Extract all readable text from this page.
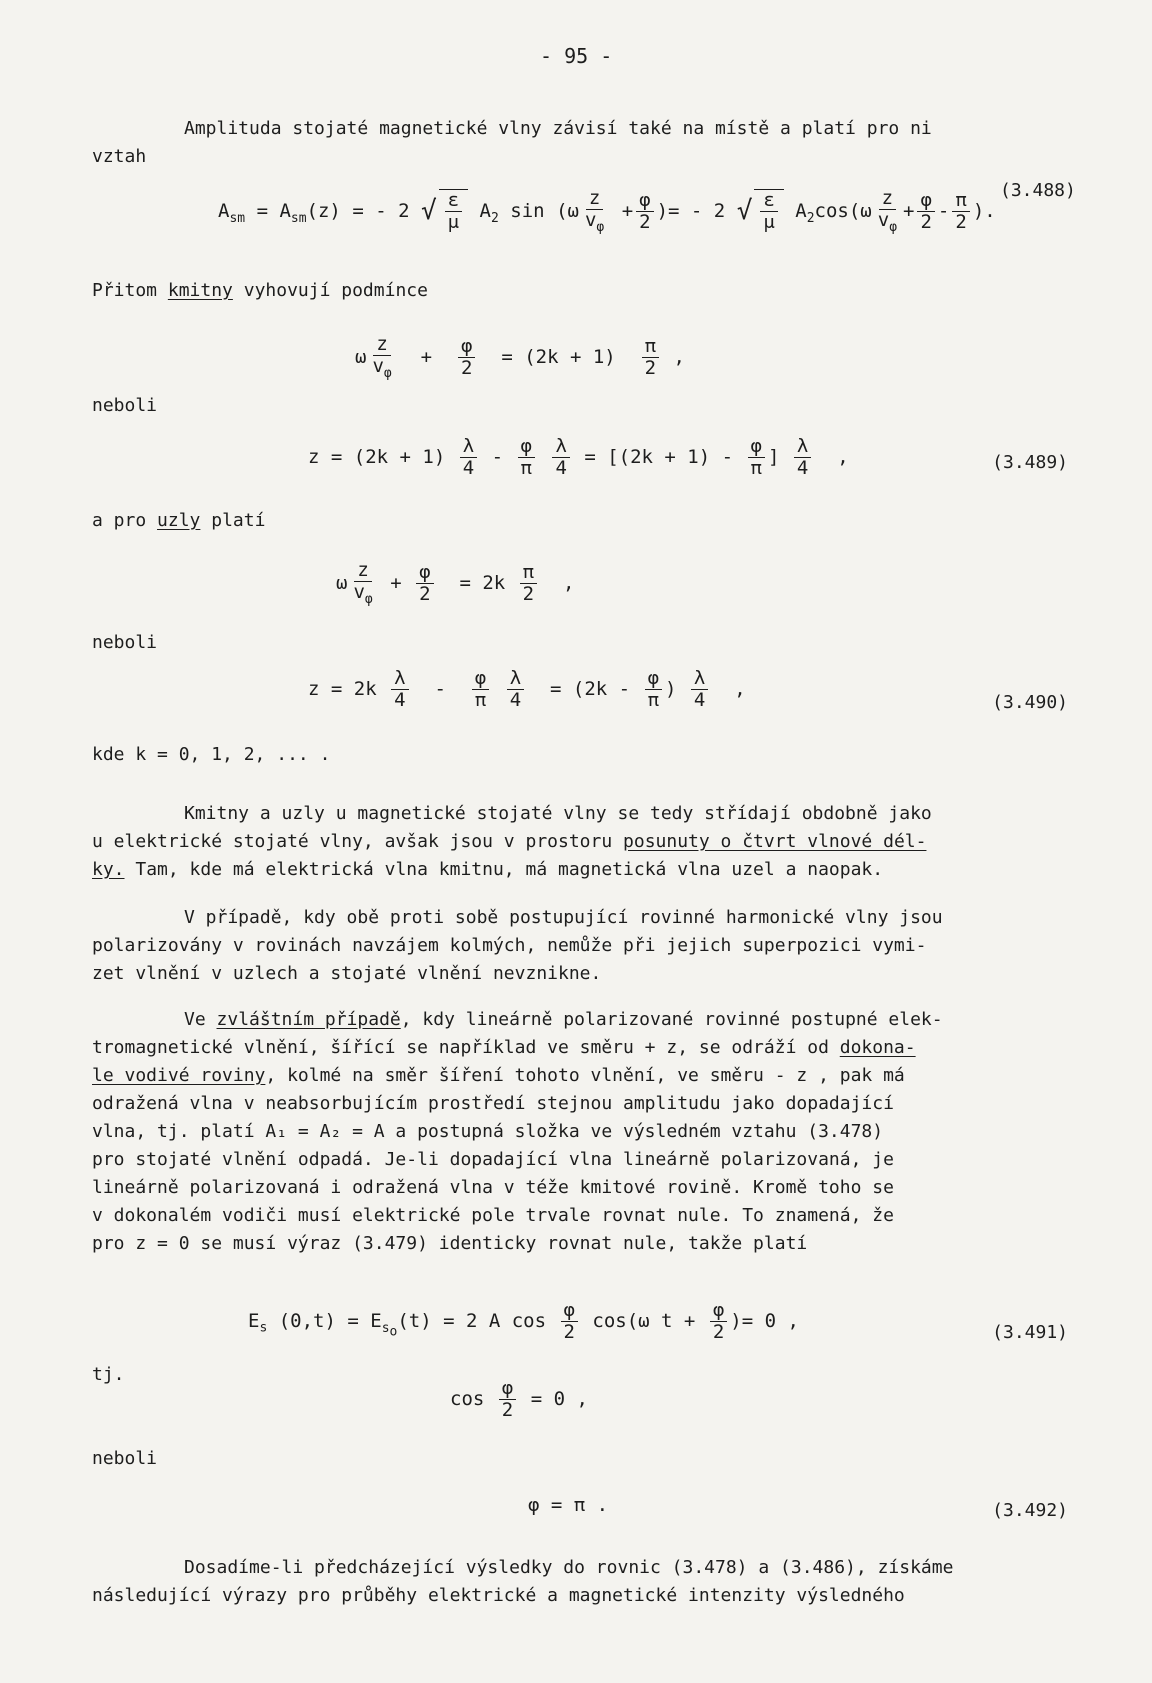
- 95 -
Amplituda stojaté magnetické vlny závisí také na místě a platí pro ni
vztah
$A_{sm} = A_{sm}(z)$ = - 2 √ $\frac{\varepsilon}{\mu} A_2$ $\sin (\omega \frac{z}{v_\varphi} + \frac{\varphi}{2}$ )= - 2 √ $\frac{\varepsilon}{\mu} A_2\cos(\omega \frac{z}{v_\varphi} + \frac{\varphi}{2} - \frac{\pi}{2}$ ).
(3.488)
Přitom kmitny vyhovují podmínce
ω $\frac{z}{v_\varphi} + \frac{\varphi}{2} = (2k + 1) \frac{\pi}{2}$ ,
neboli
$z = (2k + 1) \frac{\lambda}{4} - \frac{\varphi}{\pi}$
$\frac{\lambda}{4} = [(2k + 1) - \frac{\varphi}{\pi}$ ] $\frac{\lambda}{4}$ ,	(3.489)
a pro uzly platí
ω $\frac{z}{v_\varphi} + \frac{\varphi}{2} = 2k \frac{\pi}{2}$ ,
neboli
$z = 2k \frac{\lambda}{4} - \frac{\varphi}{\pi}$
$\frac{\lambda}{4} = (2k - \frac{\varphi}{\pi}$ ) $\frac{\lambda}{4}$ ,
(3.490)
kde k = 0, 1, 2, ... .
Kmitny a uzly u magnetické stojaté vlny se tedy střídají obdobně jako
u elektrické stojaté vlny, avšak jsou v prostoru posunuty o čtvrt vlnové dél-
ky. Tam, kde má elektrická vlna kmitnu, má magnetická vlna uzel a naopak.
V případě, kdy obě proti sobě postupující rovinné harmonické vlny jsou
polarizovány v rovinách navzájem kolmých, nemůže při jejich superpozici vymi-
zet vlnění v uzlech a stojaté vlnění nevznikne.
Ve zvláštním případě, kdy lineárně polarizované rovinné postupné elek-
tromagnetické vlnění, šířící se například ve směru + z, se odráží od dokona-
le vodivé roviny, kolmé na směr šíření tohoto vlnění, ve směru - z , pak má
odražená vlna v neabsorbujícím prostředí stejnou amplitudu jako dopadající
vlna, tj. platí A₁ = A₂ = A a postupná složka ve výsledném vztahu (3.478)
pro stojaté vlnění odpadá. Je-li dopadající vlna lineárně polarizovaná, je
lineárně polarizovaná i odražená vlna v téže kmitové rovině. Kromě toho se
v dokonalém vodiči musí elektrické pole trvale rovnat nule. To znamená, že
pro z = 0 se musí výraz (3.479) identicky rovnat nule, takže platí
$E_s$ $(0,t) = E_{s_o}(t) = 2$ A $\cos \frac{\varphi}{2} \cos(\omega$ $t + \frac{\varphi}{2}$ )= 0 ,
(3.491)
tj.
$\cos \frac{\varphi}{2} = 0$ ,
neboli
φ = π .	(3.492)
Dosadíme-li předcházející výsledky do rovnic (3.478) a (3.486), získáme
následující výrazy pro průběhy elektrické a magnetické intenzity výsledného
